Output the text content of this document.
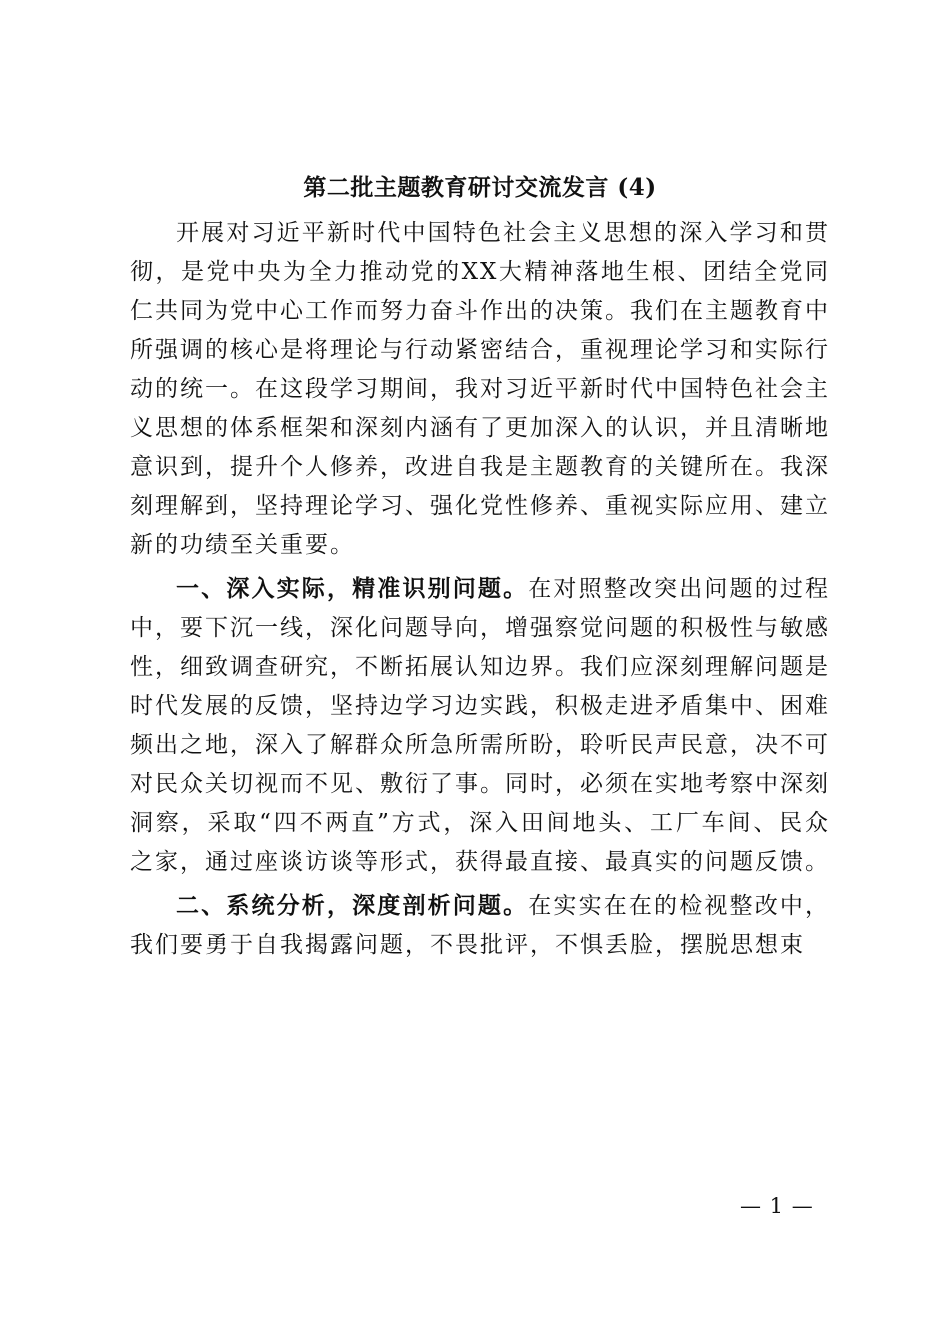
第二批主题教育研讨交流发言 (4)

开展对习近平新时代中国特色社会主义思想的深入学习和贯彻，是党中央为全力推动党的XX大精神落地生根、团结全党同仁共同为党中心工作而努力奋斗作出的决策。我们在主题教育中所强调的核心是将理论与行动紧密结合，重视理论学习和实际行动的统一。在这段学习期间，我对习近平新时代中国特色社会主义思想的体系框架和深刻内涵有了更加深入的认识，并且清晰地意识到，提升个人修养，改进自我是主题教育的关键所在。我深刻理解到，坚持理论学习、强化党性修养、重视实际应用、建立新的功绩至关重要。

一、深入实际，精准识别问题。在对照整改突出问题的过程中，要下沉一线，深化问题导向，增强察觉问题的积极性与敏感性，细致调查研究，不断拓展认知边界。我们应深刻理解问题是时代发展的反馈，坚持边学习边实践，积极走进矛盾集中、困难频出之地，深入了解群众所急所需所盼，聆听民声民意，决不可对民众关切视而不见、敷衍了事。同时，必须在实地考察中深刻洞察，采取“四不两直”方式，深入田间地头、工厂车间、民众之家，通过座谈访谈等形式，获得最直接、最真实的问题反馈。

二、系统分析，深度剖析问题。在实实在在的检视整改中，我们要勇于自我揭露问题，不畏批评，不惧丢脸，摆脱思想束

— 1 —
